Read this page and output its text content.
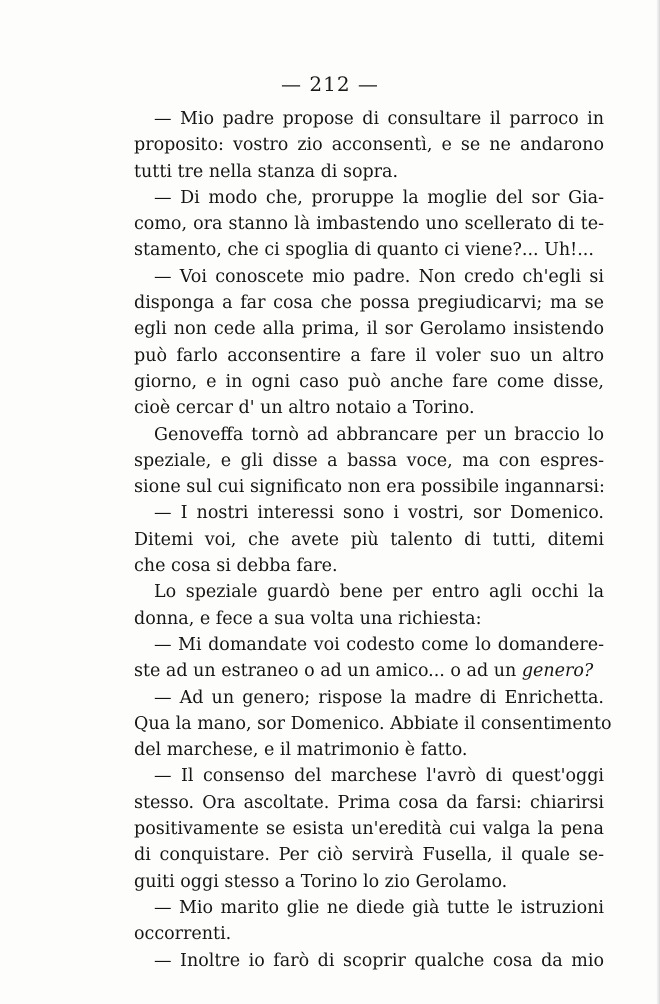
— 212 —
— Mio padre propose di consultare il parroco in
proposito: vostro zio acconsentì, e se ne andarono
tutti tre nella stanza di sopra.
— Di modo che, proruppe la moglie del sor Gia-
como, ora stanno là imbastendo uno scellerato di te-
stamento, che ci spoglia di quanto ci viene?... Uh!...
— Voi conoscete mio padre. Non credo ch'egli si
disponga a far cosa che possa pregiudicarvi; ma se
egli non cede alla prima, il sor Gerolamo insistendo
può farlo acconsentire a fare il voler suo un altro
giorno, e in ogni caso può anche fare come disse,
cioè cercar d' un altro notaio a Torino.
Genoveffa tornò ad abbrancare per un braccio lo
speziale, e gli disse a bassa voce, ma con espres-
sione sul cui significato non era possibile ingannarsi:
— I nostri interessi sono i vostri, sor Domenico.
Ditemi voi, che avete più talento di tutti, ditemi
che cosa si debba fare.
Lo speziale guardò bene per entro agli occhi la
donna, e fece a sua volta una richiesta:
— Mi domandate voi codesto come lo domandere-
ste ad un estraneo o ad un amico... o ad un genero?
— Ad un genero; rispose la madre di Enrichetta.
Qua la mano, sor Domenico. Abbiate il consentimento
del marchese, e il matrimonio è fatto.
— Il consenso del marchese l'avrò di quest'oggi
stesso. Ora ascoltate. Prima cosa da farsi: chiarirsi
positivamente se esista un'eredità cui valga la pena
di conquistare. Per ciò servirà Fusella, il quale se-
guiti oggi stesso a Torino lo zio Gerolamo.
— Mio marito glie ne diede già tutte le istruzioni
occorrenti.
— Inoltre io farò di scoprir qualche cosa da mio
